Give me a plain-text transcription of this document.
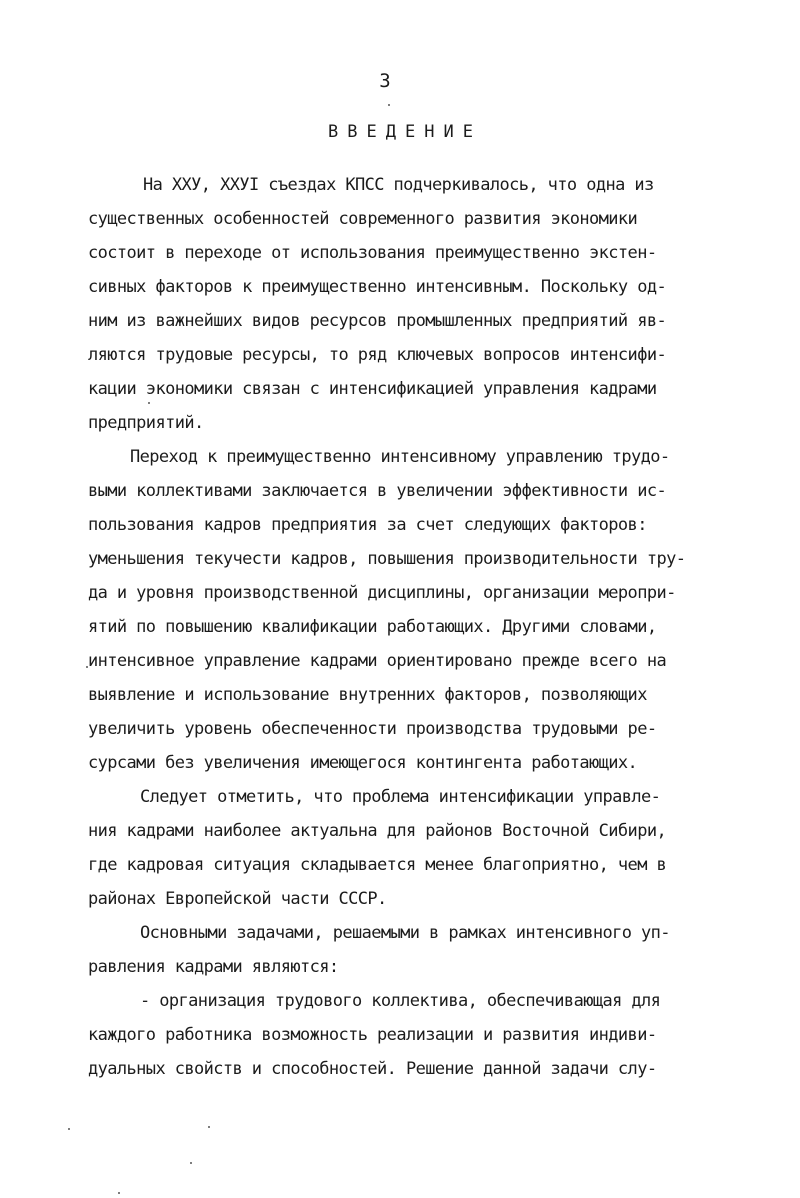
3
ВВЕДЕНИЕ
На XXУ, XXУI съездах КПСС подчеркивалось, что одна из
существенных особенностей современного развития экономики
состоит в переходе от использования преимущественно экстен-
сивных факторов к преимущественно интенсивным. Поскольку од-
ним из важнейших видов ресурсов промышленных предприятий яв-
ляются трудовые ресурсы, то ряд ключевых вопросов интенсифи-
кации экономики связан с интенсификацией управления кадрами
предприятий.
Переход к преимущественно интенсивному управлению трудо-
выми коллективами заключается в увеличении эффективности ис-
пользования кадров предприятия за счет следующих факторов:
уменьшения текучести кадров, повышения производительности тру-
да и уровня производственной дисциплины, организации меропри-
ятий по повышению квалификации работающих. Другими словами,
интенсивное управление кадрами ориентировано прежде всего на
выявление и использование внутренних факторов, позволяющих
увеличить уровень обеспеченности производства трудовыми ре-
сурсами без увеличения имеющегося контингента работающих.
Следует отметить, что проблема интенсификации управле-
ния кадрами наиболее актуальна для районов Восточной Сибири,
где кадровая ситуация складывается менее благоприятно, чем в
районах Европейской части СССР.
Основными задачами, решаемыми в рамках интенсивного уп-
равления кадрами являются:
- организация трудового коллектива, обеспечивающая для
каждого работника возможность реализации и развития индиви-
дуальных свойств и способностей. Решение данной задачи слу-
